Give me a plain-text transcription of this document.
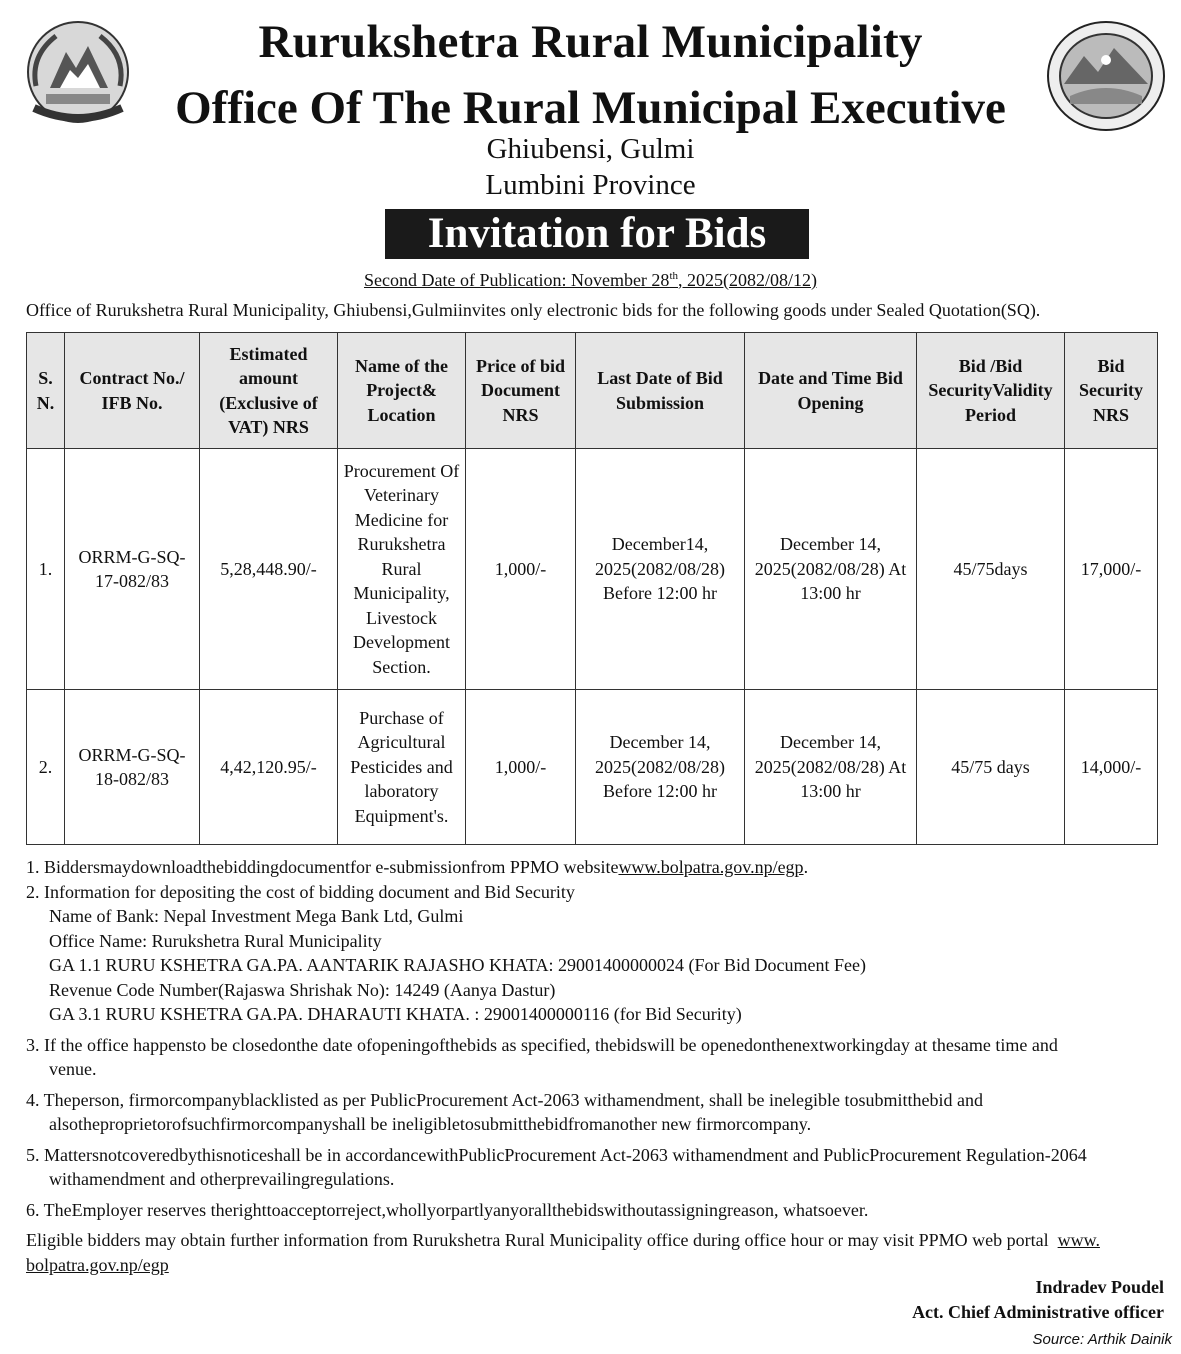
Rurukshetra Rural Municipality
Office Of The Rural Municipal Executive
Ghiubensi, Gulmi
Lumbini Province
Invitation for Bids
Second Date of Publication: November 28th, 2025(2082/08/12)
Office of Rurukshetra Rural Municipality, Ghiubensi,Gulmiinvites only electronic bids for the following goods under Sealed Quotation(SQ).
S. N.	Contract No./ IFB No.	Estimated amount (Exclusive of VAT) NRS	Name of the Project& Location	Price of bid Document NRS	Last Date of Bid Submission	Date and Time Bid Opening	Bid /Bid SecurityValidity Period	Bid Security NRS
1.	ORRM-G-SQ-17-082/83	5,28,448.90/-	Procurement Of Veterinary Medicine for Rurukshetra Rural Municipality, Livestock Development Section.	1,000/-	December14, 2025(2082/08/28) Before 12:00 hr	December 14, 2025(2082/08/28) At 13:00 hr	45/75days	17,000/-
2.	ORRM-G-SQ-18-082/83	4,42,120.95/-	Purchase of Agricultural Pesticides and laboratory Equipment's.	1,000/-	December 14, 2025(2082/08/28) Before 12:00 hr	December 14, 2025(2082/08/28) At 13:00 hr	45/75 days	14,000/-

1. Biddersmaydownloadthebiddingdocumentfor e-submissionfrom PPMO websitewww.bolpatra.gov.np/egp.

2. Information for depositing the cost of bidding document and Bid Security

Name of Bank: Nepal Investment Mega Bank Ltd, Gulmi

Office Name: Rurukshetra Rural Municipality

GA 1.1 RURU KSHETRA GA.PA. AANTARIK RAJASHO KHATA: 29001400000024 (For Bid Document Fee)

Revenue Code Number(Rajaswa Shrishak No): 14249 (Aanya Dastur)

GA 3.1 RURU KSHETRA GA.PA. DHARAUTI KHATA. : 29001400000116 (for Bid Security)

3. If the office happensto be closedonthe date ofopeningofthebids as specified, thebidswill be openedonthenextworkingday at thesame time and

venue.

4. Theperson, firmorcompanyblacklisted as per PublicProcurement Act-2063 withamendment, shall be inelegible tosubmitthebid and

alsotheproprietorofsuchfirmorcompanyshall be ineligibletosubmitthebidfromanother new firmorcompany.

5. Mattersnotcoveredbythisnoticeshall be in accordancewithPublicProcurement Act-2063 withamendment and PublicProcurement Regulation-2064

withamendment and otherprevailingregulations.

6. TheEmployer reserves therighttoacceptorreject,whollyorpartlyanyorallthebidswithoutassigningreason, whatsoever.

Eligible bidders may obtain further information from Rurukshetra Rural Municipality office during office hour or may visit PPMO web portal www.

bolpatra.gov.np/egp

Indradev Poudel
Act. Chief Administrative officer
Source: Arthik Dainik
